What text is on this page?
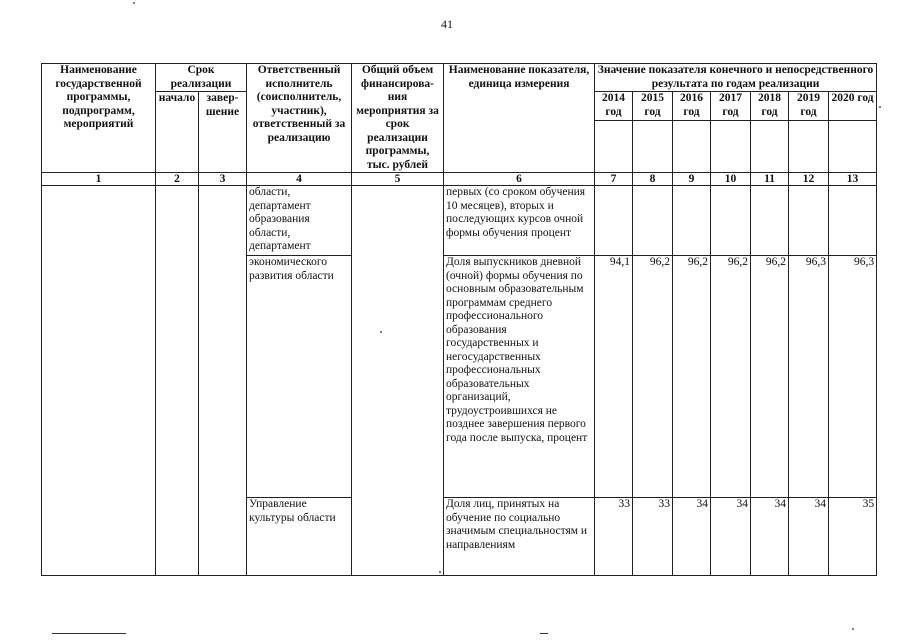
41
Наименование государственной программы, подпрограмм, мероприятий	Срок реализации		Ответственный исполнитель (соисполнитель, участник), ответственный за реализацию	Общий объем финансирова-ния мероприятия за срок реализации программы, тыс. рублей	Наименование показателя, единица измерения	Значение показателя конечного и непосредственного результата по годам реализации						
	начало	завер-шение				2014 год	2015 год	2016 год	2017 год	2018 год	2019 год	2020 год

1	2	3	4	5	6	7	8	9	10	11	12	13
			области, департамент образования области, департамент		первых (со сроком обучения 10 месяцев), вторых и последующих курсов очной формы обучения процент							
			экономического развития области		Доля выпускников дневной (очной) формы обучения по основным образовательным программам среднего профессионального образования государственных и негосударственных профессиональных образовательных организаций, трудоустроившихся не позднее завершения первого года после выпуска, процент	94,1	96,2	96,2	96,2	96,2	96,3	96,3
			Управление культуры области		Доля лиц, принятых на обучение по социально значимым специальностям и направлениям	33	33	34	34	34	34	35
